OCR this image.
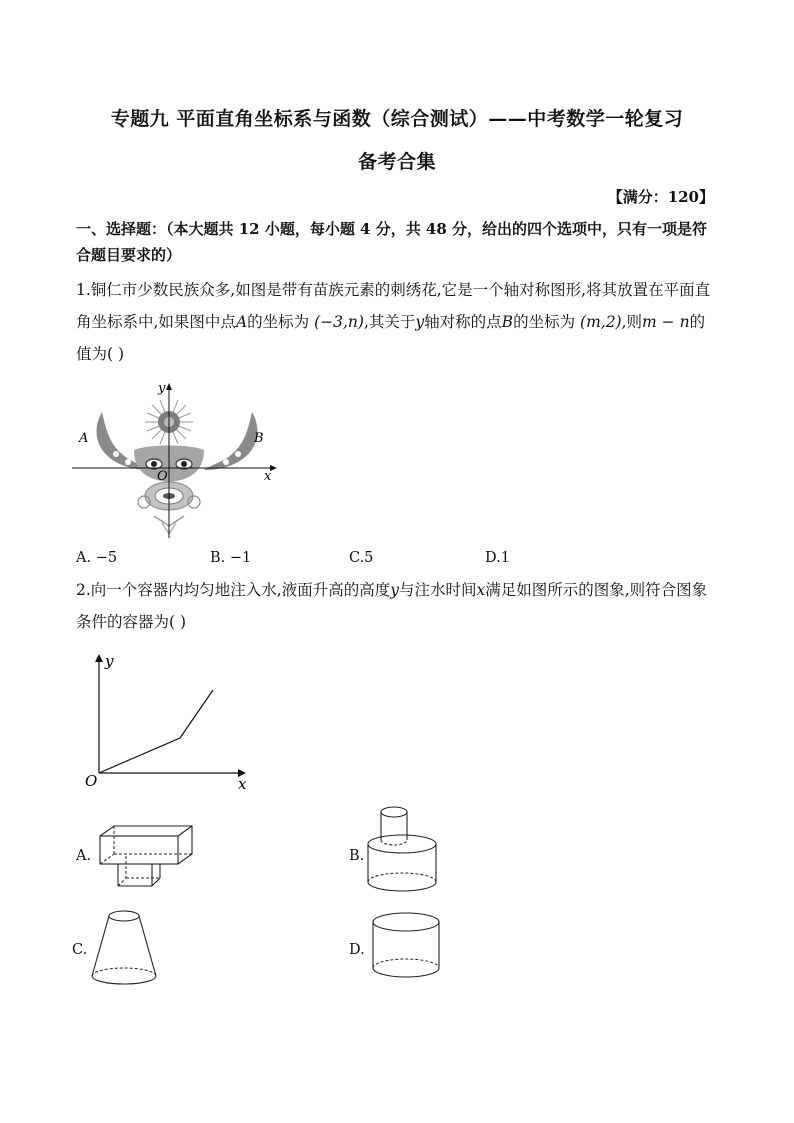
专题九 平面直角坐标系与函数（综合测试）——中考数学一轮复习
备考合集
【满分：120】
一、选择题：（本大题共 12 小题，每小题 4 分，共 48 分，给出的四个选项中，只有一项是符合题目要求的）
1.铜仁市少数民族众多,如图是带有苗族元素的刺绣花,它是一个轴对称图形,将其放置在平面直角坐标系中,如果图中点A的坐标为 (−3,n),其关于y轴对称的点B的坐标为 (m,2),则m − n的值为( )
y
x
O
A	B
A. −5	B. −1	C.5	D.1
2.向一个容器内均匀地注入水,液面升高的高度y与注水时间x满足如图所示的图象,则符合图象条件的容器为( )
y
x
O
A.	B.
C.	D.
